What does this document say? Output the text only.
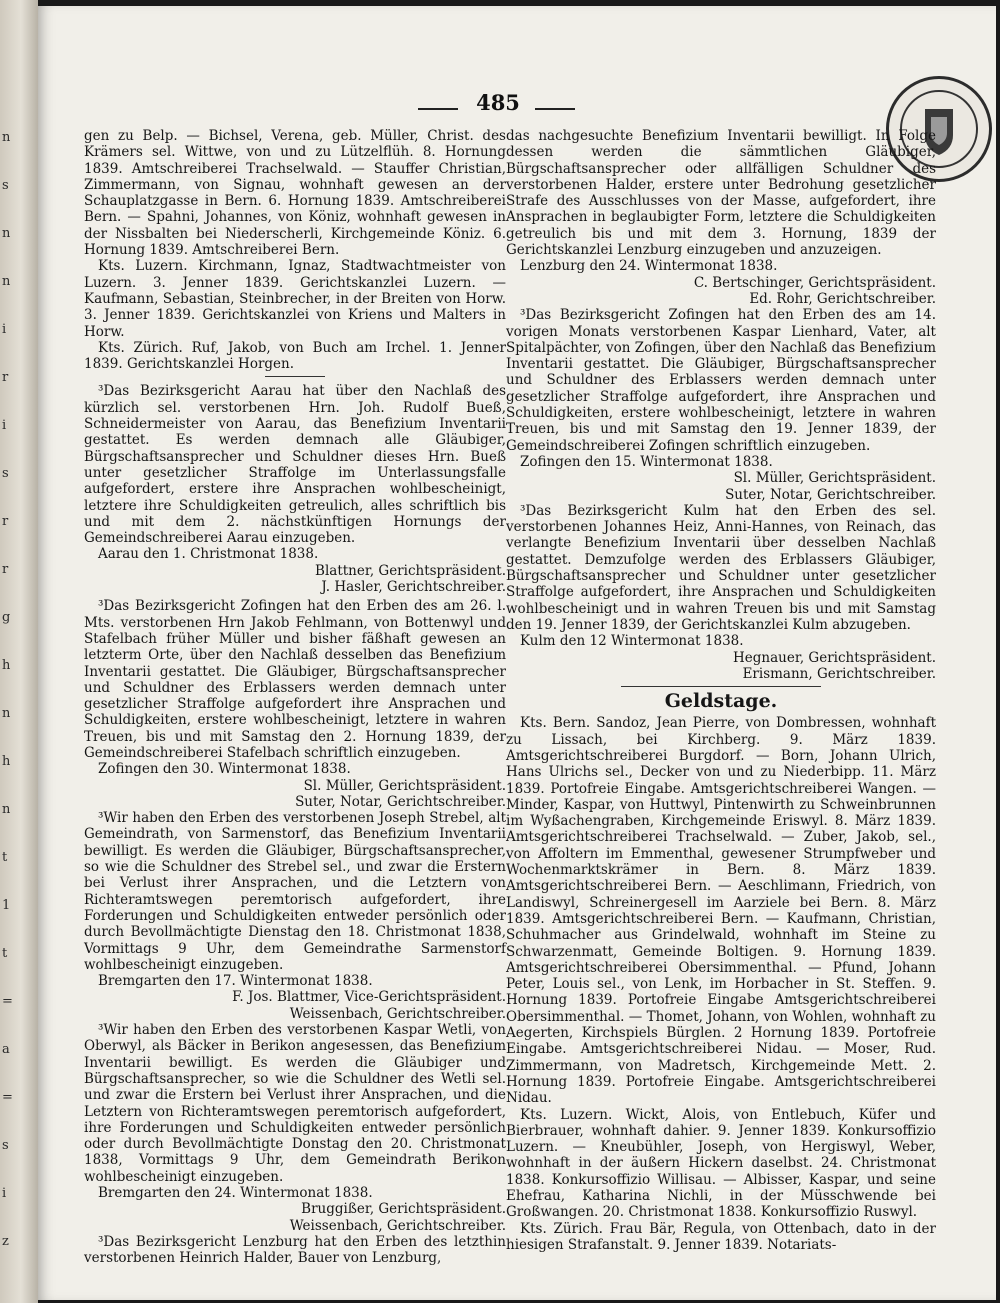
n
s
n
n
i
r
i
s
r
r
g
h
n
h
n
t
1
t
=
a
=
s
i
z
485

gen zu Belp. — Bichsel, Verena, geb. Müller, Christ. des Krämers sel. Wittwe, von und zu Lützelflüh. 8. Hornung 1839. Amtschreiberei Trachselwald. — Stauffer Christian, Zimmermann, von Signau, wohnhaft gewesen an der Schauplatzgasse in Bern. 6. Hornung 1839. Amtschreiberei Bern. — Spahni, Johannes, von Köniz, wohnhaft gewesen in der Nissbalten bei Niederscherli, Kirchgemeinde Köniz. 6. Hornung 1839. Amtschreiberei Bern.

Kts. Luzern. Kirchmann, Ignaz, Stadtwachtmeister von Luzern. 3. Jenner 1839. Gerichtskanzlei Luzern. — Kaufmann, Sebastian, Steinbrecher, in der Breiten von Horw. 3. Jenner 1839. Gerichtskanzlei von Kriens und Malters in Horw.

Kts. Zürich. Ruf, Jakob, von Buch am Irchel. 1. Jenner 1839. Gerichtskanzlei Horgen.

³Das Bezirksgericht Aarau hat über den Nachlaß des kürzlich sel. verstorbenen Hrn. Joh. Rudolf Bueß, Schneidermeister von Aarau, das Benefizium Inventarii gestattet. Es werden demnach alle Gläubiger, Bürgschaftsansprecher und Schuldner dieses Hrn. Bueß unter gesetzlicher Straffolge im Unterlassungsfalle aufgefordert, erstere ihre Ansprachen wohlbescheinigt, letztere ihre Schuldigkeiten getreulich, alles schriftlich bis und mit dem 2. nächstkünftigen Hornungs der Gemeindschreiberei Aarau einzugeben.

Aarau den 1. Christmonat 1838.

Blattner, Gerichtspräsident.

J. Hasler, Gerichtschreiber.

³Das Bezirksgericht Zofingen hat den Erben des am 26. l. Mts. verstorbenen Hrn Jakob Fehlmann, von Bottenwyl und Stafelbach früher Müller und bisher fäßhaft gewesen an letzterm Orte, über den Nachlaß desselben das Benefizium Inventarii gestattet. Die Gläubiger, Bürgschaftsansprecher und Schuldner des Erblassers werden demnach unter gesetzlicher Straffolge aufgefordert ihre Ansprachen und Schuldigkeiten, erstere wohlbescheinigt, letztere in wahren Treuen, bis und mit Samstag den 2. Hornung 1839, der Gemeindschreiberei Stafelbach schriftlich einzugeben.

Zofingen den 30. Wintermonat 1838.

Sl. Müller, Gerichtspräsident.

Suter, Notar, Gerichtschreiber.

³Wir haben den Erben des verstorbenen Joseph Strebel, alt Gemeindrath, von Sarmenstorf, das Benefizium Inventarii bewilligt. Es werden die Gläubiger, Bürgschaftsansprecher, so wie die Schuldner des Strebel sel., und zwar die Erstern bei Verlust ihrer Ansprachen, und die Letztern von Richteramtswegen peremtorisch aufgefordert, ihre Forderungen und Schuldigkeiten entweder persönlich oder durch Bevollmächtigte Dienstag den 18. Christmonat 1838, Vormittags 9 Uhr, dem Gemeindrathe Sarmenstorf wohlbescheinigt einzugeben.

Bremgarten den 17. Wintermonat 1838.

F. Jos. Blattmer, Vice-Gerichtspräsident.

Weissenbach, Gerichtschreiber.

³Wir haben den Erben des verstorbenen Kaspar Wetli, von Oberwyl, als Bäcker in Berikon angesessen, das Benefizium Inventarii bewilligt. Es werden die Gläubiger und Bürgschaftsansprecher, so wie die Schuldner des Wetli sel. und zwar die Erstern bei Verlust ihrer Ansprachen, und die Letztern von Richteramtswegen peremtorisch aufgefordert, ihre Forderungen und Schuldigkeiten entweder persönlich oder durch Bevollmächtigte Donstag den 20. Christmonat 1838, Vormittags 9 Uhr, dem Gemeindrath Berikon wohlbescheinigt einzugeben.

Bremgarten den 24. Wintermonat 1838.

Bruggißer, Gerichtspräsident.

Weissenbach, Gerichtschreiber.

³Das Bezirksgericht Lenzburg hat den Erben des letzthin verstorbenen Heinrich Halder, Bauer von Lenzburg,

das nachgesuchte Benefizium Inventarii bewilligt. In Folge dessen werden die sämmtlichen Gläubiger, Bürgschaftsansprecher oder allfälligen Schuldner des verstorbenen Halder, erstere unter Bedrohung gesetzlicher Strafe des Ausschlusses von der Masse, aufgefordert, ihre Ansprachen in beglaubigter Form, letztere die Schuldigkeiten getreulich bis und mit dem 3. Hornung, 1839 der Gerichtskanzlei Lenzburg einzugeben und anzuzeigen.

Lenzburg den 24. Wintermonat 1838.

C. Bertschinger, Gerichtspräsident.

Ed. Rohr, Gerichtschreiber.

³Das Bezirksgericht Zofingen hat den Erben des am 14. vorigen Monats verstorbenen Kaspar Lienhard, Vater, alt Spitalpächter, von Zofingen, über den Nachlaß das Benefizium Inventarii gestattet. Die Gläubiger, Bürgschaftsansprecher und Schuldner des Erblassers werden demnach unter gesetzlicher Straffolge aufgefordert, ihre Ansprachen und Schuldigkeiten, erstere wohlbescheinigt, letztere in wahren Treuen, bis und mit Samstag den 19. Jenner 1839, der Gemeindschreiberei Zofingen schriftlich einzugeben.

Zofingen den 15. Wintermonat 1838.

Sl. Müller, Gerichtspräsident.

Suter, Notar, Gerichtschreiber.

³Das Bezirksgericht Kulm hat den Erben des sel. verstorbenen Johannes Heiz, Anni-Hannes, von Reinach, das verlangte Benefizium Inventarii über desselben Nachlaß gestattet. Demzufolge werden des Erblassers Gläubiger, Bürgschaftsansprecher und Schuldner unter gesetzlicher Straffolge aufgefordert, ihre Ansprachen und Schuldigkeiten wohlbescheinigt und in wahren Treuen bis und mit Samstag den 19. Jenner 1839, der Gerichtskanzlei Kulm abzugeben.

Kulm den 12 Wintermonat 1838.

Hegnauer, Gerichtspräsident.

Erismann, Gerichtschreiber.

Geldstage.

Kts. Bern. Sandoz, Jean Pierre, von Dombressen, wohnhaft zu Lissach, bei Kirchberg. 9. März 1839. Amtsgerichtschreiberei Burgdorf. — Born, Johann Ulrich, Hans Ulrichs sel., Decker von und zu Niederbipp. 11. März 1839. Portofreie Eingabe. Amtsgerichtschreiberei Wangen. — Minder, Kaspar, von Huttwyl, Pintenwirth zu Schweinbrunnen im Wyßachengraben, Kirchgemeinde Eriswyl. 8. März 1839. Amtsgerichtschreiberei Trachselwald. — Zuber, Jakob, sel., von Affoltern im Emmenthal, gewesener Strumpfweber und Wochenmarktskrämer in Bern. 8. März 1839. Amtsgerichtschreiberei Bern. — Aeschlimann, Friedrich, von Landiswyl, Schreinergesell im Aarziele bei Bern. 8. März 1839. Amtsgerichtschreiberei Bern. — Kaufmann, Christian, Schuhmacher aus Grindelwald, wohnhaft im Steine zu Schwarzenmatt, Gemeinde Boltigen. 9. Hornung 1839. Amtsgerichtschreiberei Obersimmenthal. — Pfund, Johann Peter, Louis sel., von Lenk, im Horbacher in St. Steffen. 9. Hornung 1839. Portofreie Eingabe Amtsgerichtschreiberei Obersimmenthal. — Thomet, Johann, von Wohlen, wohnhaft zu Aegerten, Kirchspiels Bürglen. 2 Hornung 1839. Portofreie Eingabe. Amtsgerichtschreiberei Nidau. — Moser, Rud. Zimmermann, von Madretsch, Kirchgemeinde Mett. 2. Hornung 1839. Portofreie Eingabe. Amtsgerichtschreiberei Nidau.

Kts. Luzern. Wickt, Alois, von Entlebuch, Küfer und Bierbrauer, wohnhaft dahier. 9. Jenner 1839. Konkursoffizio Luzern. — Kneubühler, Joseph, von Hergiswyl, Weber, wohnhaft in der äußern Hickern daselbst. 24. Christmonat 1838. Konkursoffizio Willisau. — Albisser, Kaspar, und seine Ehefrau, Katharina Nichli, in der Müsschwende bei Großwangen. 20. Christmonat 1838. Konkursoffizio Ruswyl.

Kts. Zürich. Frau Bär, Regula, von Ottenbach, dato in der hiesigen Strafanstalt. 9. Jenner 1839. Notariats-
